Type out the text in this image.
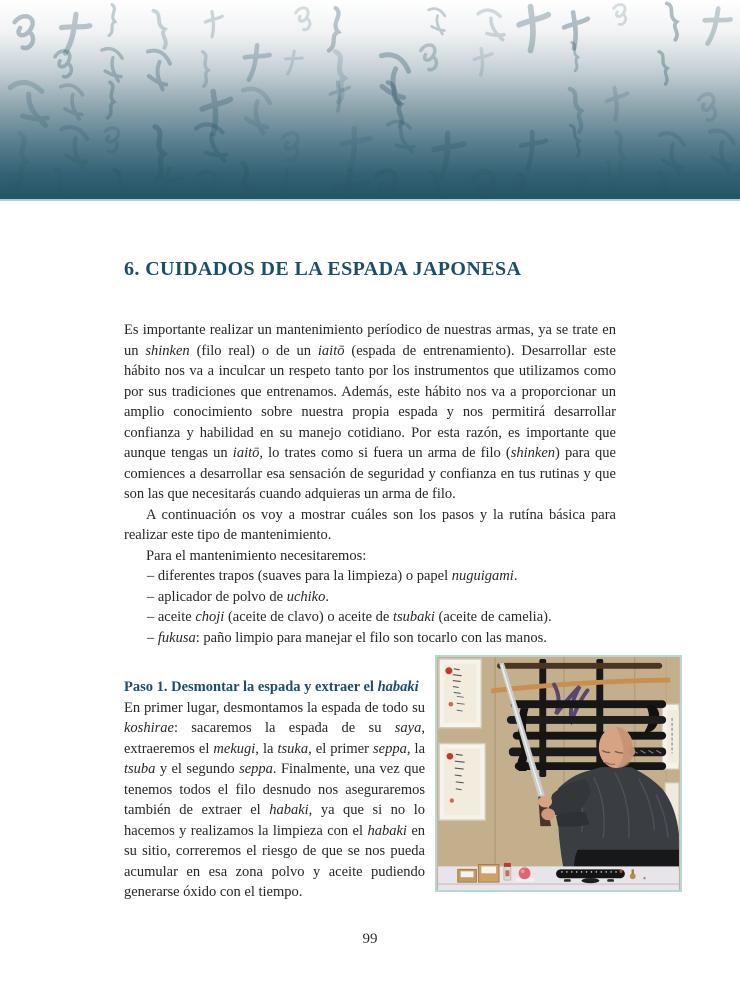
6. CUIDADOS DE LA ESPADA JAPONESA

Es importante realizar un mantenimiento períodico de nuestras armas, ya se trate en un shinken (filo real) o de un iaitō (espada de entrenamiento). Desarrollar este hábito nos va a inculcar un respeto tanto por los instrumentos que utilizamos como por sus tradiciones que entrenamos. Además, este hábito nos va a proporcionar un amplio conocimiento sobre nuestra propia espada y nos permitirá desarrollar confianza y habilidad en su manejo cotidiano. Por esta razón, es importante que aunque tengas un iaitō, lo trates como si fuera un arma de filo (shinken) para que comiences a desarrollar esa sensación de seguridad y confianza en tus rutinas y que son las que necesitarás cuando adquieras un arma de filo.

A continuación os voy a mostrar cuáles son los pasos y la rutína básica para realizar este tipo de mantenimiento.

Para el mantenimiento necesitaremos:

– diferentes trapos (suaves para la limpieza) o papel nuguigami.

– aplicador de polvo de uchiko.

– aceite choji (aceite de clavo) o aceite de tsubaki (aceite de camelia).

– fukusa: paño limpio para manejar el filo son tocarlo con las manos.

Paso 1. Desmontar la espada y extraer el habaki

En primer lugar, desmontamos la espada de todo su koshirae: sacaremos la espada de su saya, extraeremos el mekugi, la tsuka, el primer seppa, la tsuba y el segundo seppa. Finalmente, una vez que tenemos todos el filo desnudo nos aseguraremos también de extraer el habaki, ya que si no lo hacemos y realizamos la limpieza con el habaki en su sitio, correremos el riesgo de que se nos pueda acumular en esa zona polvo y aceite pudiendo generarse óxido con el tiempo.

99
